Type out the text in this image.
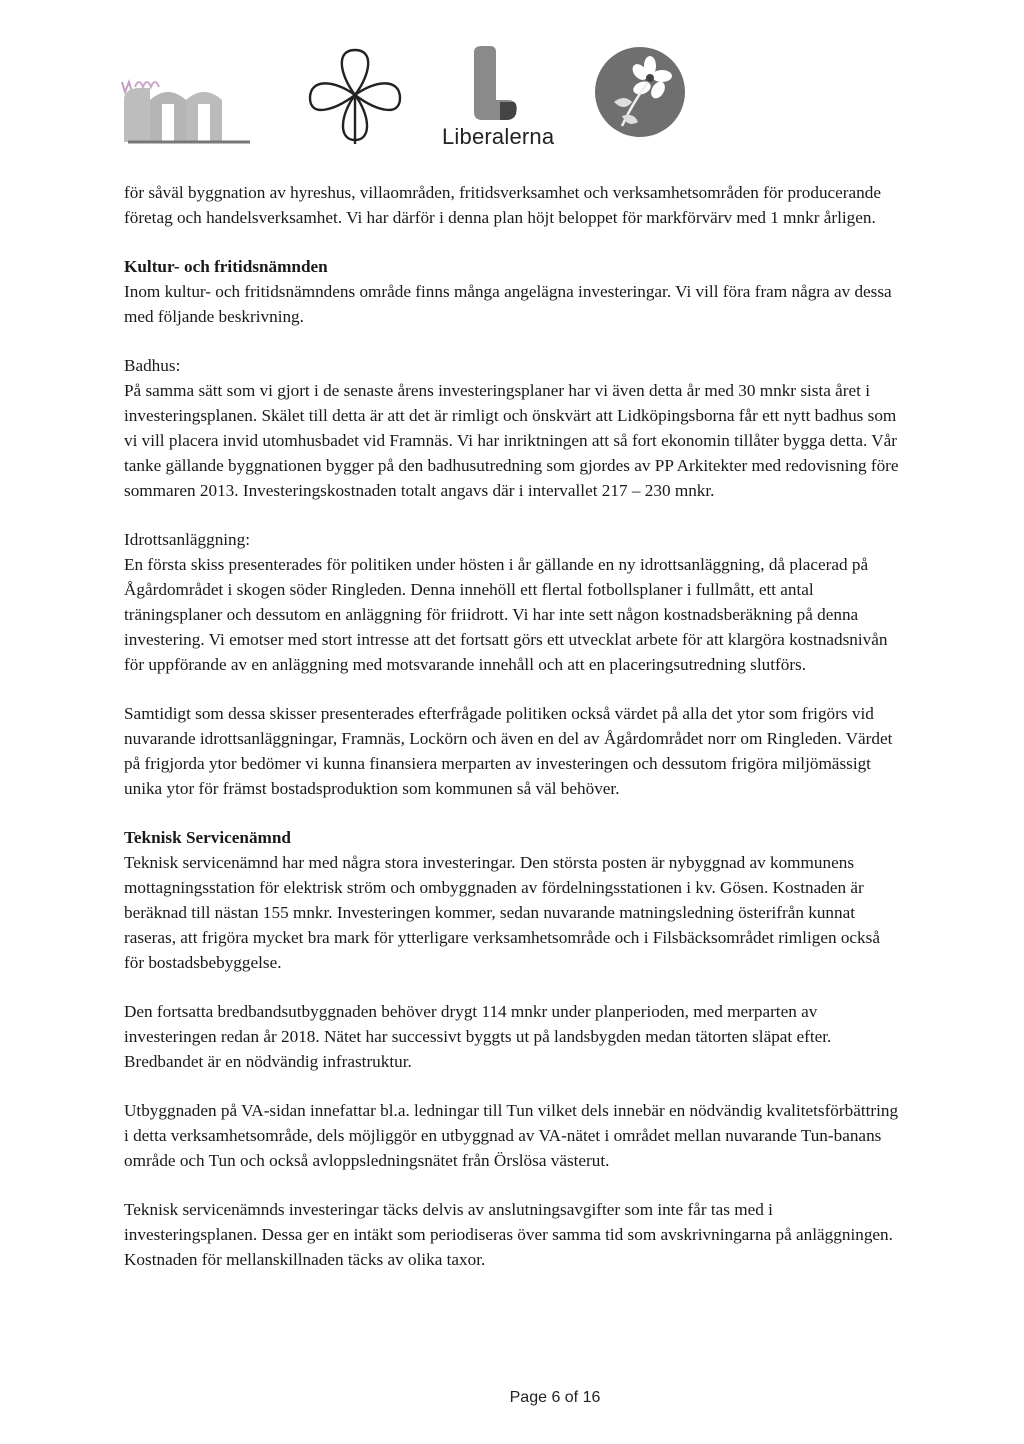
Liberalerna

för såväl byggnation av hyreshus, villaområden, fritidsverksamhet och verksamhetsområden för producerande företag och handelsverksamhet. Vi har därför i denna plan höjt beloppet för markförvärv med 1 mnkr årligen.

Kultur- och fritidsnämnden

Inom kultur- och fritidsnämndens område finns många angelägna investeringar. Vi vill föra fram några av dessa med följande beskrivning.

Badhus:

På samma sätt som vi gjort i de senaste årens investeringsplaner har vi även detta år med 30 mnkr sista året i investeringsplanen. Skälet till detta är att det är rimligt och önskvärt att Lidköpingsborna får ett nytt badhus som vi vill placera invid utomhusbadet vid Framnäs. Vi har inriktningen att så fort ekonomin tillåter bygga detta. Vår tanke gällande byggnationen bygger på den badhusutredning som gjordes av PP Arkitekter med redovisning före sommaren 2013. Investeringskostnaden totalt angavs där i intervallet 217 – 230 mnkr.

Idrottsanläggning:

En första skiss presenterades för politiken under hösten i år gällande en ny idrottsanläggning, då placerad på Ågårdområdet i skogen söder Ringleden. Denna innehöll ett flertal fotbollsplaner i fullmått, ett antal träningsplaner och dessutom en anläggning för friidrott. Vi har inte sett någon kostnadsberäkning på denna investering. Vi emotser med stort intresse att det fortsatt görs ett utvecklat arbete för att klargöra kostnadsnivån för uppförande av en anläggning med motsvarande innehåll och att en placeringsutredning slutförs.

Samtidigt som dessa skisser presenterades efterfrågade politiken också värdet på alla det ytor som frigörs vid nuvarande idrottsanläggningar, Framnäs, Lockörn och även en del av Ågårdområdet norr om Ringleden. Värdet på frigjorda ytor bedömer vi kunna finansiera merparten av investeringen och dessutom frigöra miljömässigt unika ytor för främst bostadsproduktion som kommunen så väl behöver.

Teknisk Servicenämnd

Teknisk servicenämnd har med några stora investeringar. Den största posten är nybyggnad av kommunens mottagningsstation för elektrisk ström och ombyggnaden av fördelningsstationen i kv. Gösen. Kostnaden är beräknad till nästan 155 mnkr. Investeringen kommer, sedan nuvarande matningsledning österifrån kunnat raseras, att frigöra mycket bra mark för ytterligare verksamhetsområde och i Filsbäcksområdet rimligen också för bostadsbebyggelse.

Den fortsatta bredbandsutbyggnaden behöver drygt 114 mnkr under planperioden, med merparten av investeringen redan år 2018. Nätet har successivt byggts ut på landsbygden medan tätorten släpat efter. Bredbandet är en nödvändig infrastruktur.

Utbyggnaden på VA-sidan innefattar bl.a. ledningar till Tun vilket dels innebär en nödvändig kvalitetsförbättring i detta verksamhetsområde, dels möjliggör en utbyggnad av VA-nätet i området mellan nuvarande Tun-banans område och Tun och också avloppsledningsnätet från Örslösa västerut.

Teknisk servicenämnds investeringar täcks delvis av anslutningsavgifter som inte får tas med i investeringsplanen. Dessa ger en intäkt som periodiseras över samma tid som avskrivningarna på anläggningen. Kostnaden för mellanskillnaden täcks av olika taxor.

Page 6 of 16
